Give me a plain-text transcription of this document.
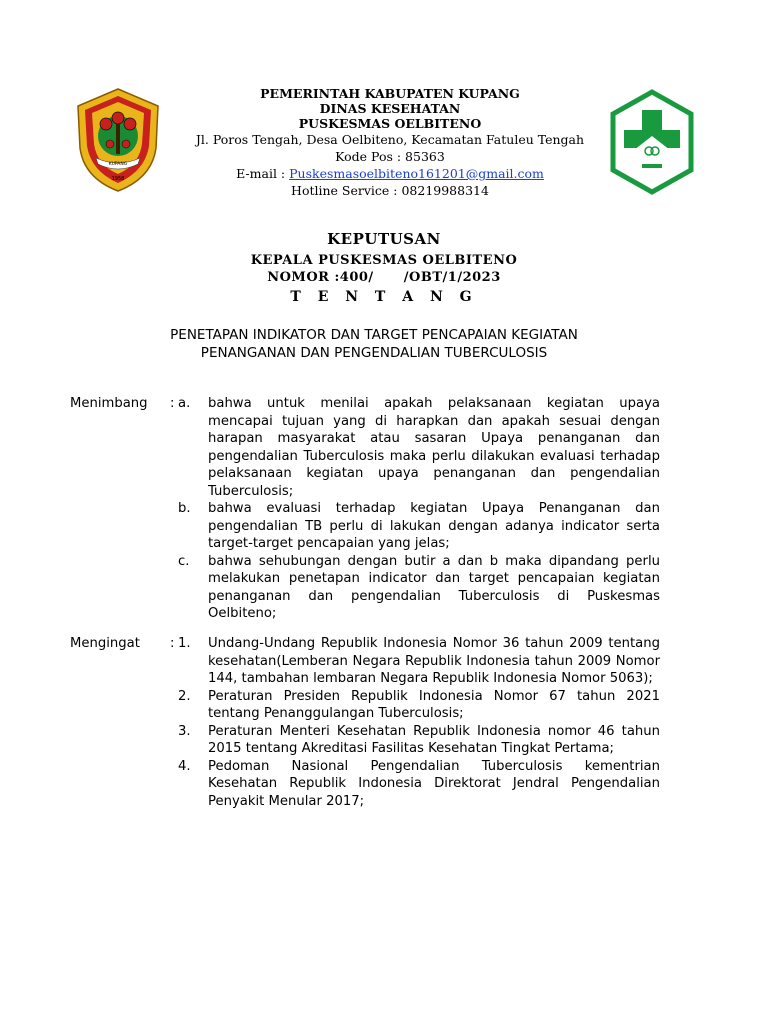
KUPANG
1958
PEMERINTAH KABUPATEN KUPANG
DINAS KESEHATAN
PUSKESMAS OELBITENO
Jl. Poros Tengah, Desa Oelbiteno, Kecamatan Fatuleu Tengah
Kode Pos : 85363
E-mail : Puskesmasoelbiteno161201@gmail.com
Hotline Service : 08219988314
KEPUTUSAN
KEPALA PUSKESMAS OELBITENO
NOMOR :400/      /OBT/1/2023
T E N T A N G
PENETAPAN INDIKATOR DAN TARGET PENCAPAIAN KEGIATAN
PENANGANAN DAN PENGENDALIAN TUBERCULOSIS
Menimbang	: a.	bahwa untuk menilai apakah pelaksanaan kegiatan upaya mencapai tujuan yang di harapkan dan apakah sesuai dengan harapan masyarakat atau sasaran Upaya penanganan dan pengendalian Tuberculosis maka perlu dilakukan evaluasi terhadap pelaksanaan kegiatan upaya penanganan dan pengendalian Tuberculosis;
b.	bahwa evaluasi terhadap kegiatan Upaya Penanganan dan pengendalian TB perlu di lakukan dengan adanya indicator serta target-target pencapaian yang jelas;
c.	bahwa sehubungan dengan butir a dan b maka dipandang perlu melakukan penetapan indicator dan target pencapaian kegiatan penanganan dan pengendalian Tuberculosis di Puskesmas Oelbiteno;
Mengingat	: 1.	Undang-Undang Republik Indonesia Nomor 36 tahun 2009 tentang kesehatan(Lemberan Negara Republik Indonesia tahun 2009 Nomor 144, tambahan lembaran Negara Republik Indonesia Nomor 5063);
2.	Peraturan Presiden Republik Indonesia Nomor 67 tahun 2021 tentang Penanggulangan Tuberculosis;
3.	Peraturan Menteri Kesehatan Republik Indonesia nomor 46 tahun 2015 tentang Akreditasi Fasilitas Kesehatan Tingkat Pertama;
4.	Pedoman Nasional Pengendalian Tuberculosis kementrian Kesehatan Republik Indonesia Direktorat Jendral Pengendalian Penyakit Menular 2017;
